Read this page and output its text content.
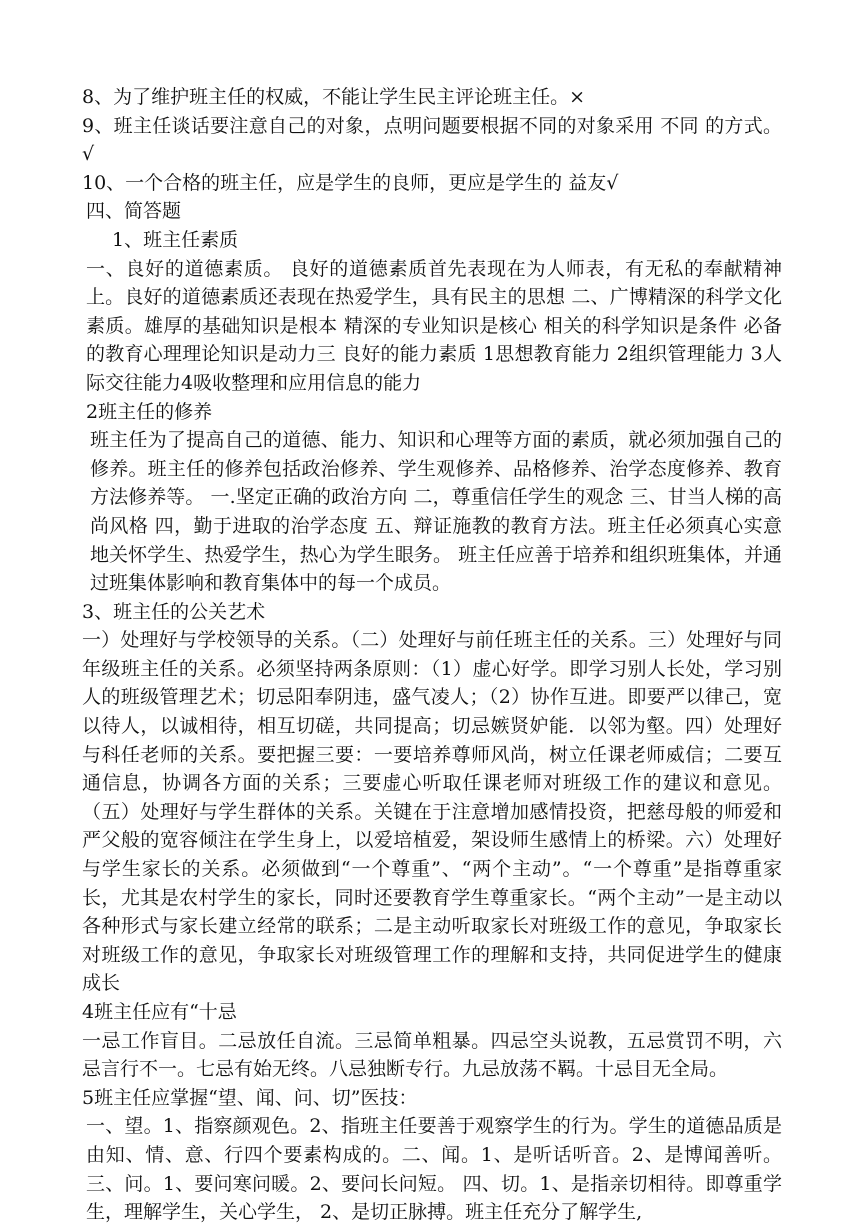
8、为了维护班主任的权威，不能让学生民主评论班主任。×

9、班主任谈话要注意自己的对象，点明问题要根据不同的对象采用 不同 的方式。√

10、一个合格的班主任，应是学生的良师，更应是学生的 益友√

四、简答题

1、班主任素质

一、良好的道德素质。 良好的道德素质首先表现在为人师表，有无私的奉献精神上。良好的道德素质还表现在热爱学生，具有民主的思想 二、广博精深的科学文化素质。雄厚的基础知识是根本 精深的专业知识是核心 相关的科学知识是条件 必备的教育心理理论知识是动力三 良好的能力素质 1思想教育能力 2组织管理能力 3人际交往能力4吸收整理和应用信息的能力

2班主任的修养

班主任为了提高自己的道德、能力、知识和心理等方面的素质，就必须加强自己的修养。班主任的修养包括政治修养、学生观修养、品格修养、治学态度修养、教育方法修养等。 一.坚定正确的政治方向 二，尊重信任学生的观念 三、甘当人梯的高尚风格 四，勤于进取的治学态度 五、辩证施教的教育方法。班主任必须真心实意地关怀学生、热爱学生，热心为学生眼务。 班主任应善于培养和组织班集体，并通过班集体影响和教育集体中的每一个成员。

3、班主任的公关艺术

一）处理好与学校领导的关系。（二）处理好与前任班主任的关系。三）处理好与同年级班主任的关系。必须坚持两条原则：（1）虚心好学。即学习别人长处，学习别人的班级管理艺术；切忌阳奉阴违，盛气凌人；（2）协作互进。即要严以律己，宽以待人，以诚相待，相互切磋，共同提高；切忌嫉贤妒能．以邻为壑。四）处理好与科任老师的关系。要把握三要：一要培养尊师风尚，树立任课老师威信；二要互通信息，协调各方面的关系；三要虚心听取任课老师对班级工作的建议和意见。（五）处理好与学生群体的关系。关键在于注意增加感情投资，把慈母般的师爱和严父般的宽容倾注在学生身上，以爱培植爱，架设师生感情上的桥梁。六）处理好与学生家长的关系。必须做到“一个尊重”、“两个主动”。“一个尊重”是指尊重家长，尤其是农村学生的家长，同时还要教育学生尊重家长。“两个主动”一是主动以各种形式与家长建立经常的联系；二是主动听取家长对班级工作的意见，争取家长对班级工作的意见，争取家长对班级管理工作的理解和支持，共同促进学生的健康成长

4班主任应有“十忌

一忌工作盲目。二忌放任自流。三忌简单粗暴。四忌空头说教，五忌赏罚不明，六忌言行不一。七忌有始无终。八忌独断专行。九忌放荡不羁。十忌目无全局。

5班主任应掌握“望、闻、问、切”医技：

一、望。1、指察颜观色。2、指班主任要善于观察学生的行为。学生的道德品质是由知、情、意、行四个要素构成的。二、闻。1、是听话听音。2、是博闻善听。三、问。1、要问寒问暖。2、要问长问短。 四、切。1、是指亲切相待。即尊重学生，理解学生，关心学生， 2、是切正脉搏。班主任充分了解学生,
